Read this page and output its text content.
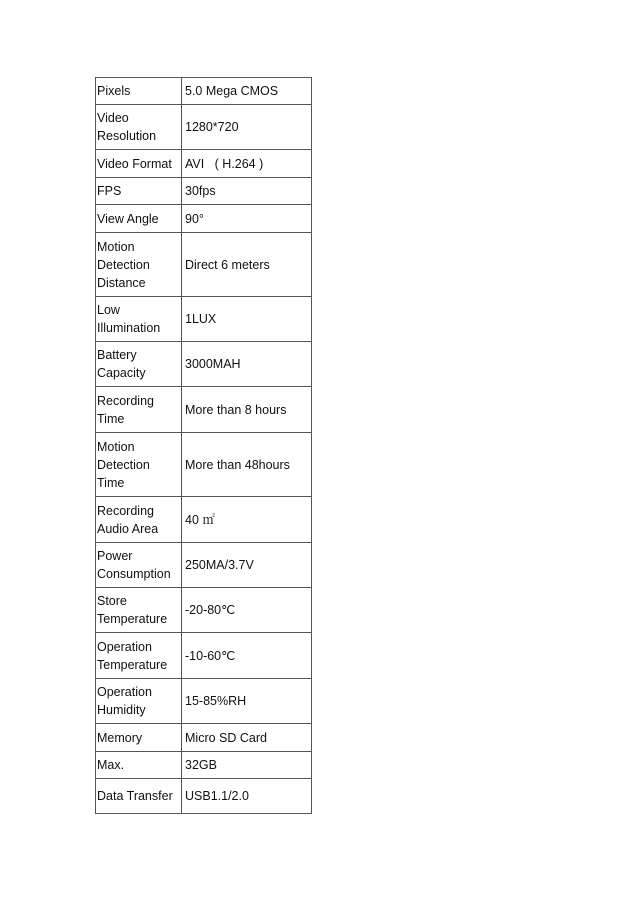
Pixels	5.0 Mega CMOS
Video
Resolution	1280*720
Video Format	AVI   ( H.264 )
FPS	30fps
View Angle	90°
Motion
Detection
Distance	Direct 6 meters
Low
Illumination	1LUX
Battery
Capacity	3000MAH
Recording
Time	More than 8 hours
Motion
Detection
Time	More than 48hours
Recording
Audio Area	40 ㎡
Power
Consumption	250MA/3.7V
Store
Temperature	-20-80℃
Operation
Temperature	-10-60℃
Operation
Humidity	15-85%RH
Memory	Micro SD Card
Max.	32GB
Data Transfer	USB1.1/2.0
